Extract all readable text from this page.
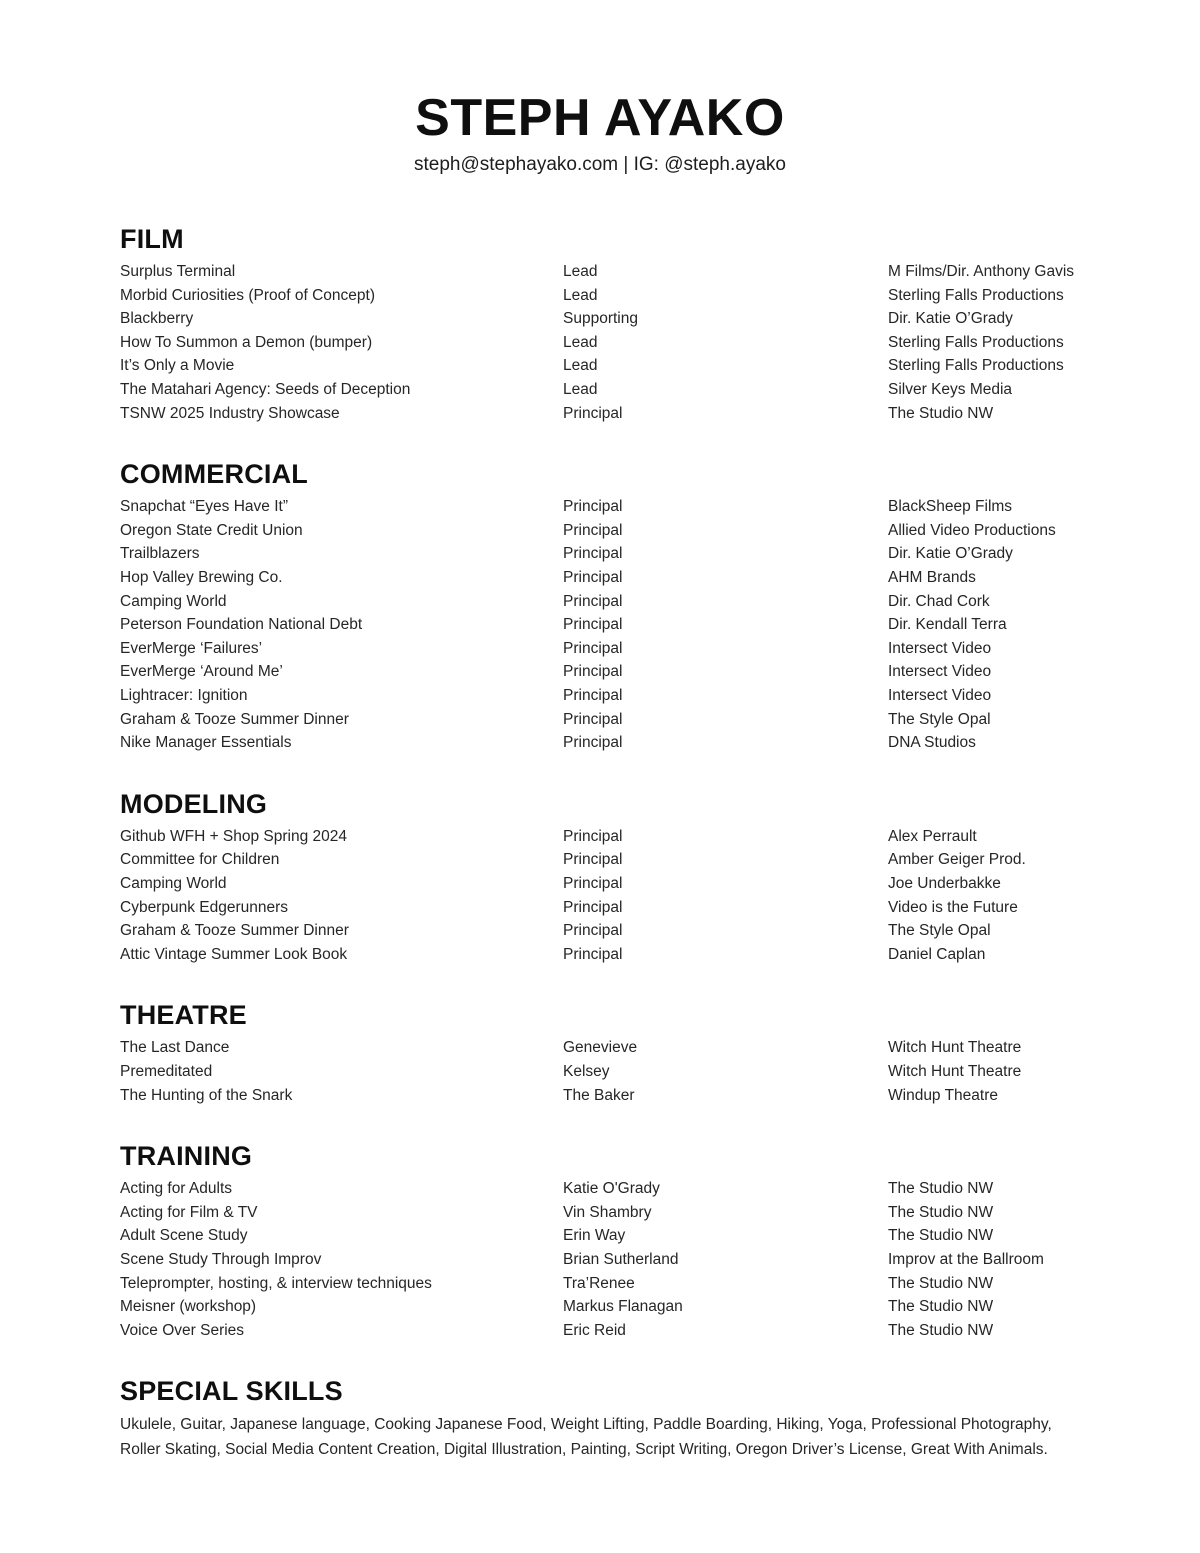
STEPH AYAKO

steph@stephayako.com | IG: @steph.ayako

FILM
Surplus Terminal	Lead	M Films/Dir. Anthony Gavis
Morbid Curiosities (Proof of Concept)	Lead	Sterling Falls Productions
Blackberry	Supporting	Dir. Katie O’Grady
How To Summon a Demon (bumper)	Lead	Sterling Falls Productions
It’s Only a Movie	Lead	Sterling Falls Productions
The Matahari Agency: Seeds of Deception	Lead	Silver Keys Media
TSNW 2025 Industry Showcase	Principal	The Studio NW
COMMERCIAL
Snapchat “Eyes Have It”	Principal	BlackSheep Films
Oregon State Credit Union	Principal	Allied Video Productions
Trailblazers	Principal	Dir. Katie O’Grady
Hop Valley Brewing Co.	Principal	AHM Brands
Camping World	Principal	Dir. Chad Cork
Peterson Foundation National Debt	Principal	Dir. Kendall Terra
EverMerge ‘Failures’	Principal	Intersect Video
EverMerge ‘Around Me’	Principal	Intersect Video
Lightracer: Ignition	Principal	Intersect Video
Graham & Tooze Summer Dinner	Principal	The Style Opal
Nike Manager Essentials	Principal	DNA Studios
MODELING
Github WFH + Shop Spring 2024	Principal	Alex Perrault
Committee for Children	Principal	Amber Geiger Prod.
Camping World	Principal	Joe Underbakke
Cyberpunk Edgerunners	Principal	Video is the Future
Graham & Tooze Summer Dinner	Principal	The Style Opal
Attic Vintage Summer Look Book	Principal	Daniel Caplan
THEATRE
The Last Dance	Genevieve	Witch Hunt Theatre
Premeditated	Kelsey	Witch Hunt Theatre
The Hunting of the Snark	The Baker	Windup Theatre
TRAINING
Acting for Adults	Katie O'Grady	The Studio NW
Acting for Film & TV	Vin Shambry	The Studio NW
Adult Scene Study	Erin Way	The Studio NW
Scene Study Through Improv	Brian Sutherland	Improv at the Ballroom
Teleprompter, hosting, & interview techniques	Tra’Renee	The Studio NW
Meisner (workshop)	Markus Flanagan	The Studio NW
Voice Over Series	Eric Reid	The Studio NW
SPECIAL SKILLS

Ukulele, Guitar, Japanese language, Cooking Japanese Food, Weight Lifting, Paddle Boarding, Hiking, Yoga, Professional Photography, Roller Skating, Social Media Content Creation, Digital Illustration, Painting, Script Writing, Oregon Driver’s License, Great With Animals.
